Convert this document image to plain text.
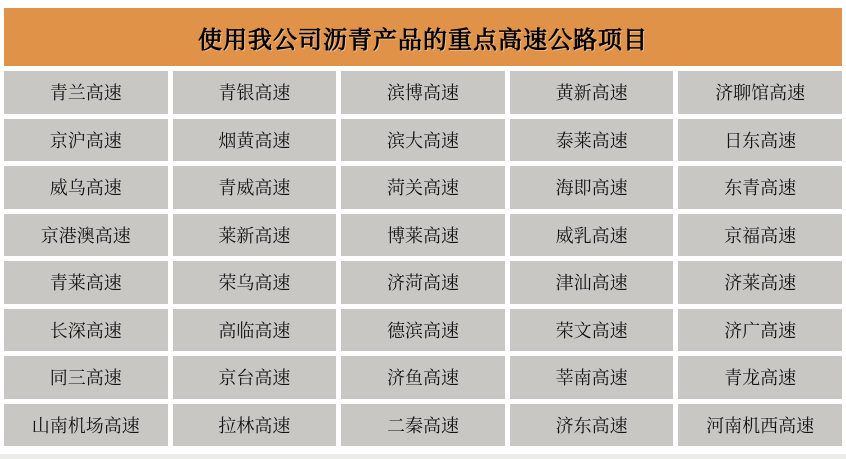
使用我公司沥青产品的重点高速公路项目
青兰高速	青银高速	滨博高速	黄新高速	济聊馆高速
京沪高速	烟黄高速	滨大高速	泰莱高速	日东高速
威乌高速	青威高速	菏关高速	海即高速	东青高速
京港澳高速	莱新高速	博莱高速	威乳高速	京福高速
青莱高速	荣乌高速	济菏高速	津汕高速	济莱高速
长深高速	高临高速	德滨高速	荣文高速	济广高速
同三高速	京台高速	济鱼高速	莘南高速	青龙高速
山南机场高速	拉林高速	二秦高速	济东高速	河南机西高速
